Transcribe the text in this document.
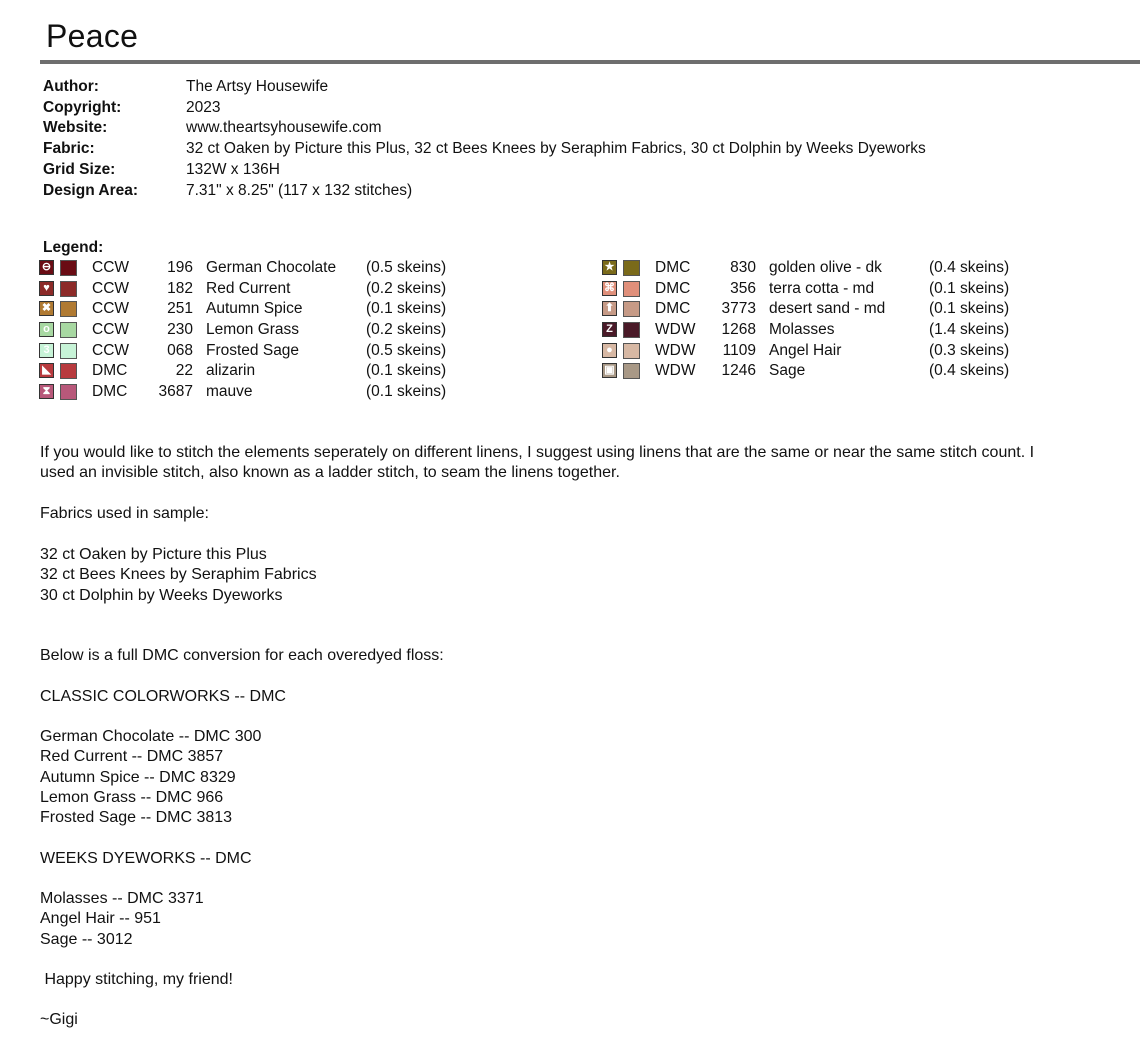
Peace
Author:	The Artsy Housewife
Copyright:	2023
Website:	www.theartsyhousewife.com
Fabric:	32 ct Oaken by Picture this Plus, 32 ct Bees Knees by Seraphim Fabrics, 30 ct Dolphin by Weeks Dyeworks
Grid Size:	132W x 136H
Design Area:	7.31" x 8.25" (117 x 132 stitches)
Legend:
⊖	CCW	196 German Chocolate (0.5 skeins)
♥	CCW	182 Red Current	(0.2 skeins)
✖	CCW	251 Autumn Spice	(0.1 skeins)
o	CCW	230 Lemon Grass	(0.2 skeins)
3	CCW	068 Frosted Sage	(0.5 skeins)
◣	DMC	22 alizarin	(0.1 skeins)
⧗	DMC	3687 mauve	(0.1 skeins)
★	DMC	830 golden olive - dk	(0.4 skeins)
⌘	DMC	356 terra cotta - md	(0.1 skeins)
⬆	DMC	3773 desert sand - md	(0.1 skeins)
Z	WDW	1268 Molasses	(1.4 skeins)
●	WDW	1109 Angel Hair	(0.3 skeins)
▣	WDW	1246 Sage	(0.4 skeins)
If you would like to stitch the elements seperately on different linens, I suggest using linens that are the same or near the same stitch count. I
used an invisible stitch, also known as a ladder stitch, to seam the linens together.
Fabrics used in sample:
32 ct Oaken by Picture this Plus
32 ct Bees Knees by Seraphim Fabrics
30 ct Dolphin by Weeks Dyeworks
Below is a full DMC conversion for each overedyed floss:
CLASSIC COLORWORKS -- DMC
German Chocolate -- DMC 300
Red Current -- DMC 3857
Autumn Spice -- DMC 8329
Lemon Grass -- DMC 966
Frosted Sage -- DMC 3813
WEEKS DYEWORKS -- DMC
Molasses -- DMC 3371
Angel Hair -- 951
Sage -- 3012
Happy stitching, my friend!
~Gigi
